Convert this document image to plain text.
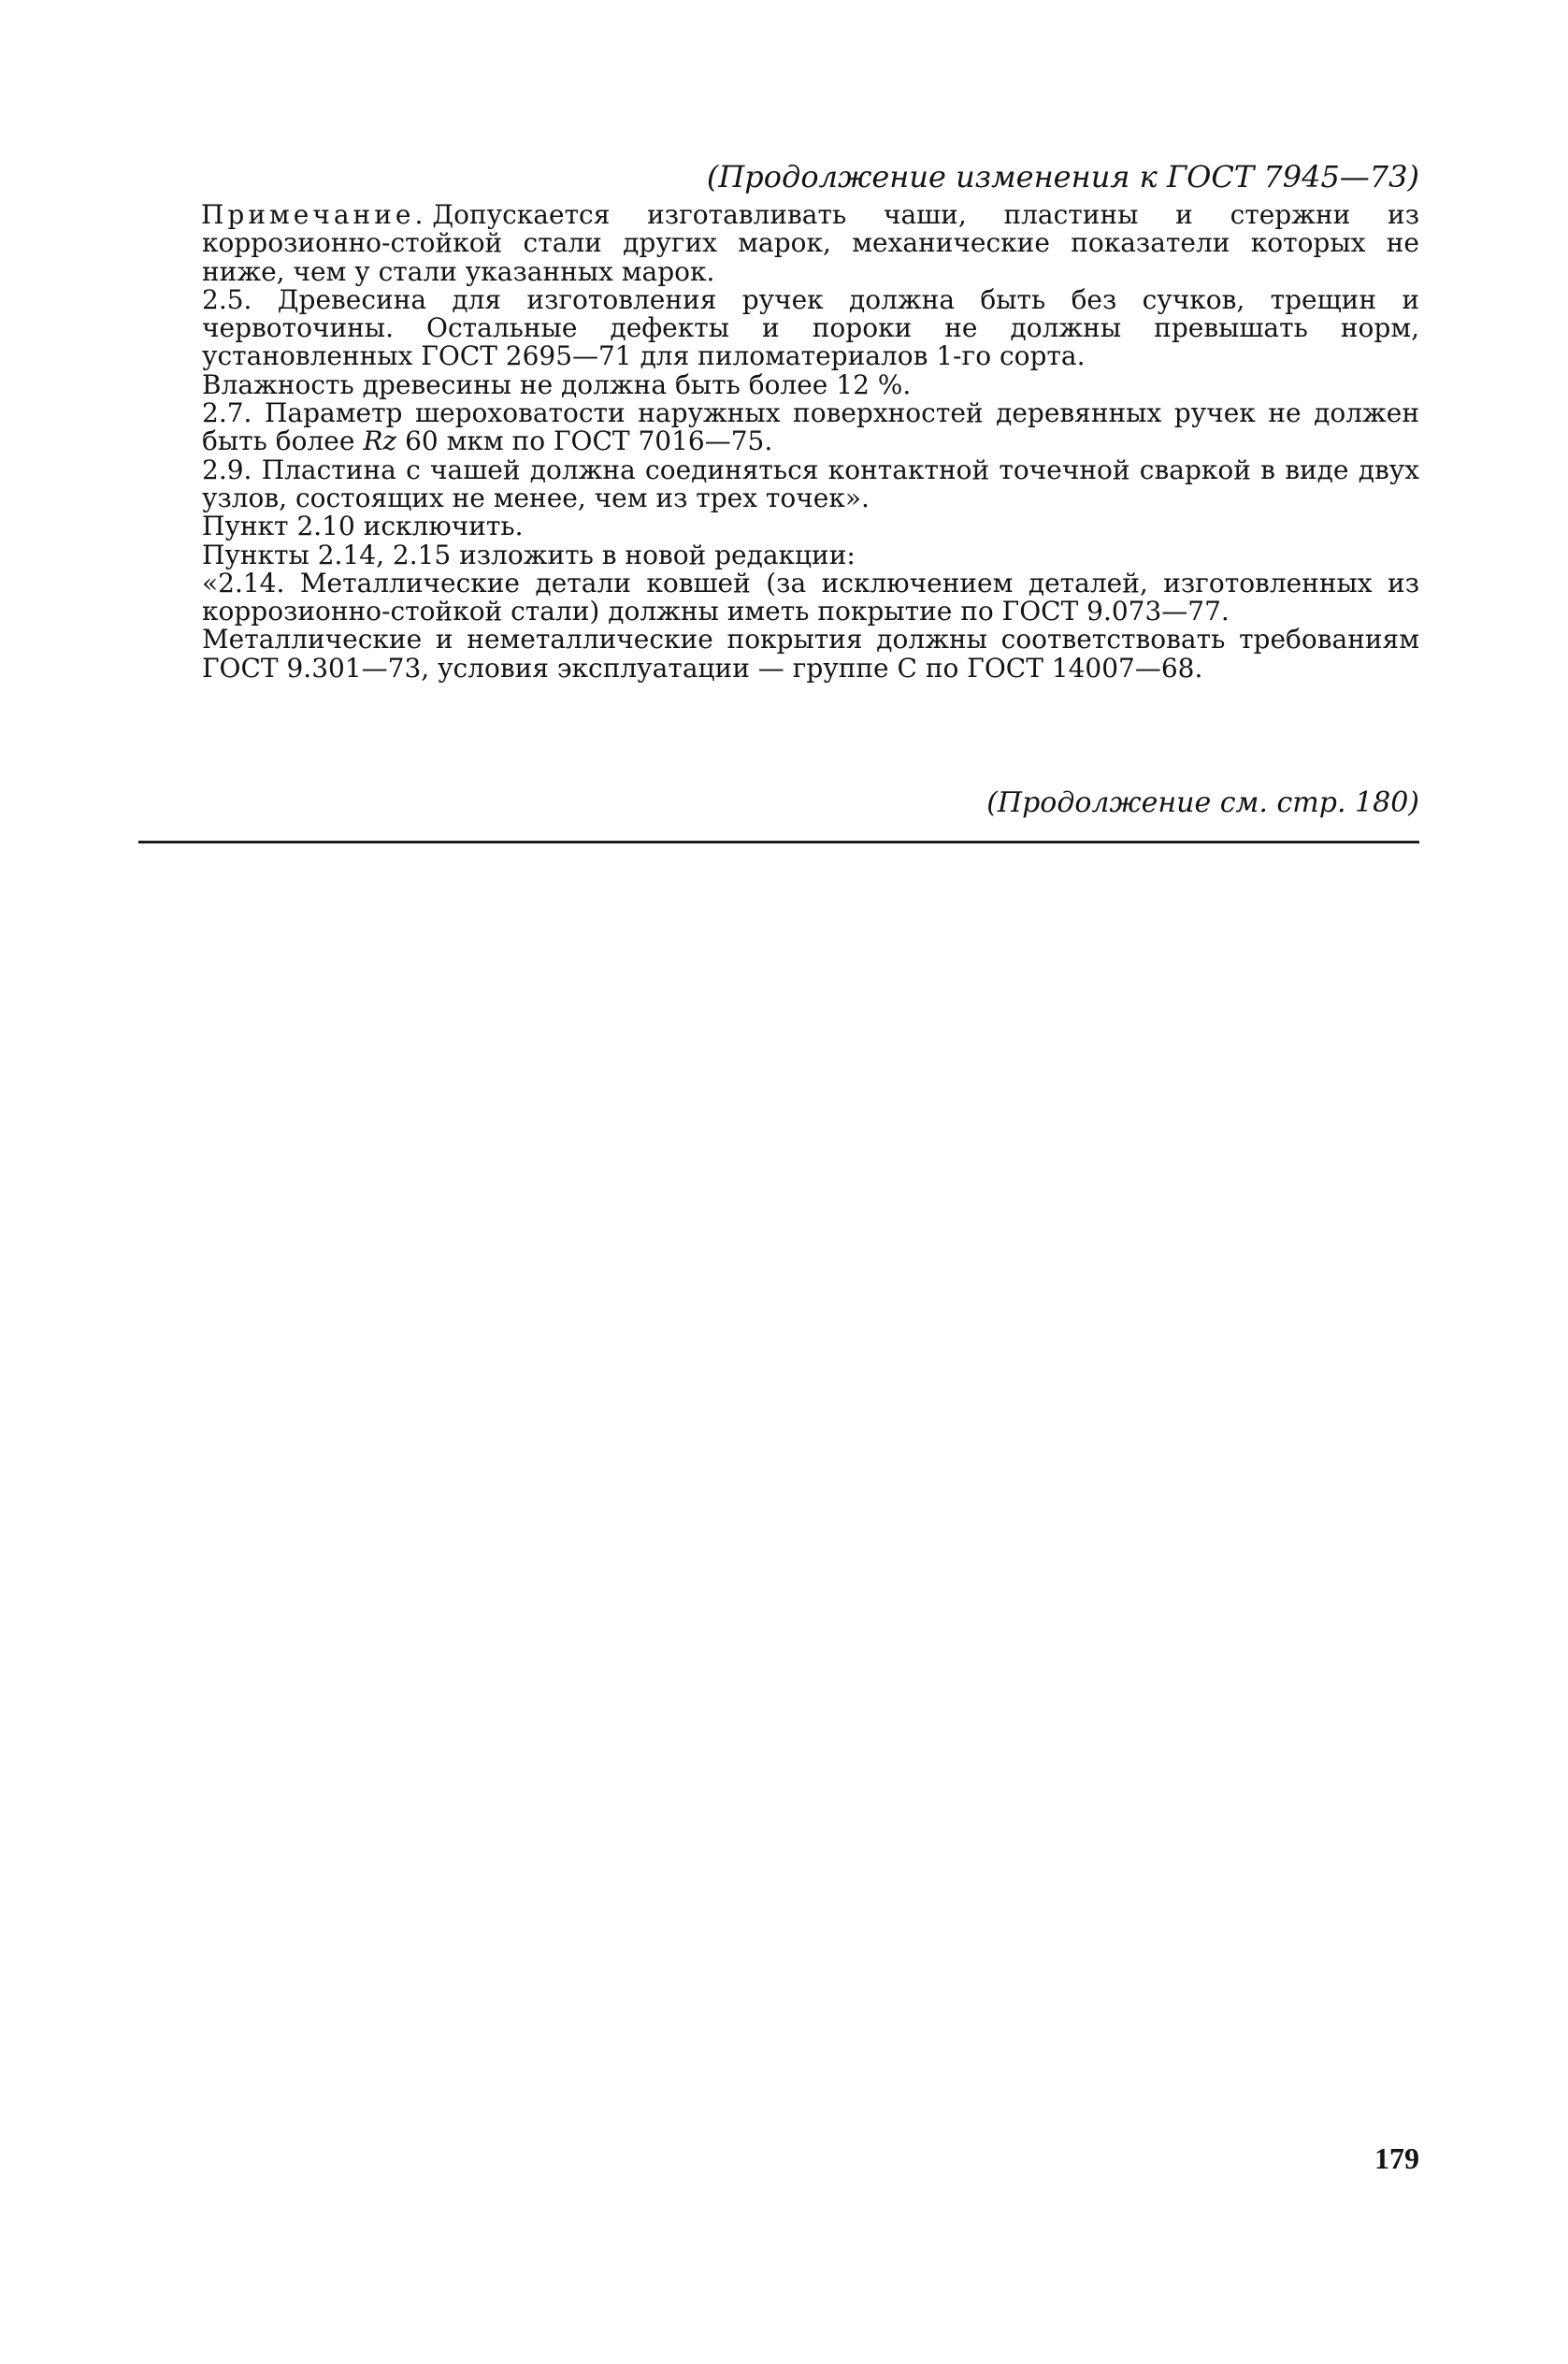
(Продолжение изменения к ГОСТ 7945—73)

Примечание. Допускается изготавливать чаши, пластины и стержни из коррозионно-стойкой стали других марок, механические показатели которых не ниже, чем у стали указанных марок.

2.5. Древесина для изготовления ручек должна быть без сучков, трещин и червоточины. Остальные дефекты и пороки не должны превышать норм, установленных ГОСТ 2695—71 для пиломатериалов 1-го сорта.

Влажность древесины не должна быть более 12 %.

2.7. Параметр шероховатости наружных поверхностей деревянных ручек не должен быть более Rz 60 мкм по ГОСТ 7016—75.

2.9. Пластина с чашей должна соединяться контактной точечной сваркой в виде двух узлов, состоящих не менее, чем из трех точек».

Пункт 2.10 исключить.

Пункты 2.14, 2.15 изложить в новой редакции:

«2.14. Металлические детали ковшей (за исключением деталей, изготовленных из коррозионно-стойкой стали) должны иметь покрытие по ГОСТ 9.073—77.

Металлические и неметаллические покрытия должны соответствовать требованиям ГОСТ 9.301—73, условия эксплуатации — группе С по ГОСТ 14007—68.

(Продолжение см. стр. 180)
179
